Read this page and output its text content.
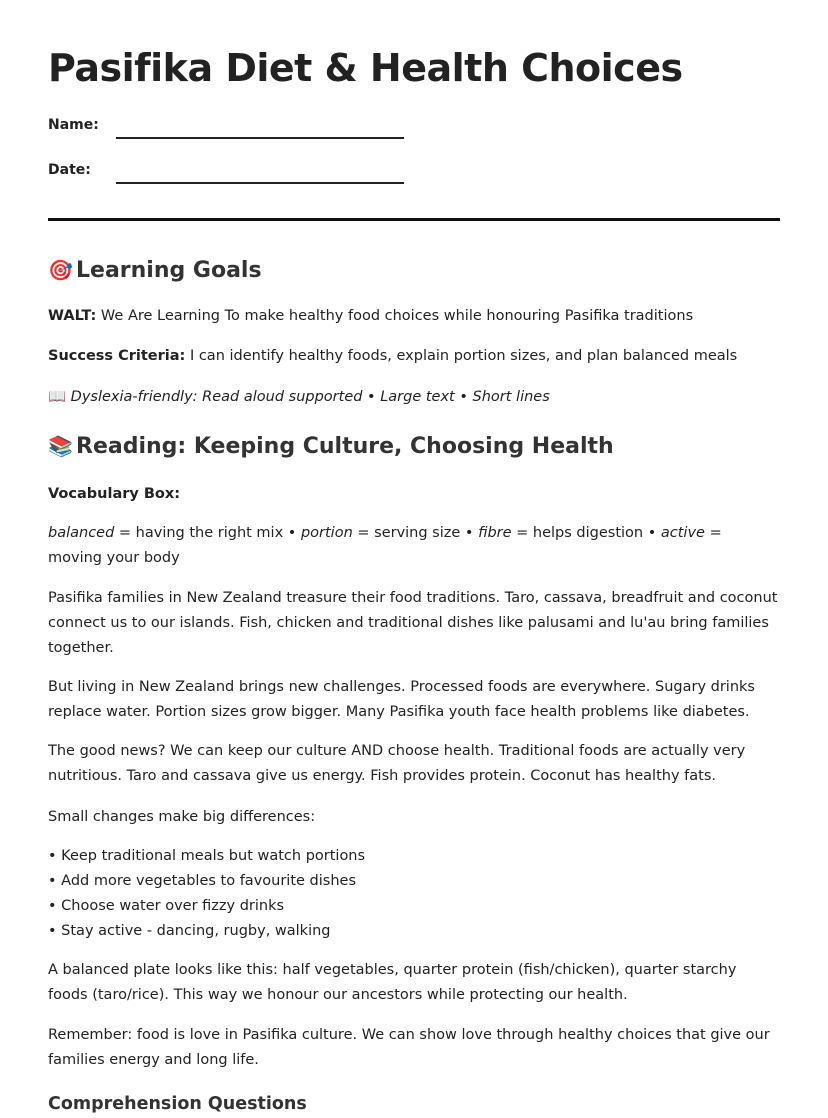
Pasifika Diet & Health Choices
Name:
Date:
🎯 Learning Goals

WALT: We Are Learning To make healthy food choices while honouring Pasifika traditions

Success Criteria: I can identify healthy foods, explain portion sizes, and plan balanced meals

📖 Dyslexia-friendly: Read aloud supported • Large text • Short lines

📚 Reading: Keeping Culture, Choosing Health

Vocabulary Box:

balanced = having the right mix • portion = serving size • fibre = helps digestion • active = moving your body

Pasifika families in New Zealand treasure their food traditions. Taro, cassava, breadfruit and coconut connect us to our islands. Fish, chicken and traditional dishes like palusami and lu'au bring families together.

But living in New Zealand brings new challenges. Processed foods are everywhere. Sugary drinks replace water. Portion sizes grow bigger. Many Pasifika youth face health problems like diabetes.

The good news? We can keep our culture AND choose health. Traditional foods are actually very nutritious. Taro and cassava give us energy. Fish provides protein. Coconut has healthy fats.

Small changes make big differences:

• Keep traditional meals but watch portions
• Add more vegetables to favourite dishes
• Choose water over fizzy drinks
• Stay active - dancing, rugby, walking

A balanced plate looks like this: half vegetables, quarter protein (fish/chicken), quarter starchy foods (taro/rice). This way we honour our ancestors while protecting our health.

Remember: food is love in Pasifika culture. We can show love through healthy choices that give our families energy and long life.

Comprehension Questions
